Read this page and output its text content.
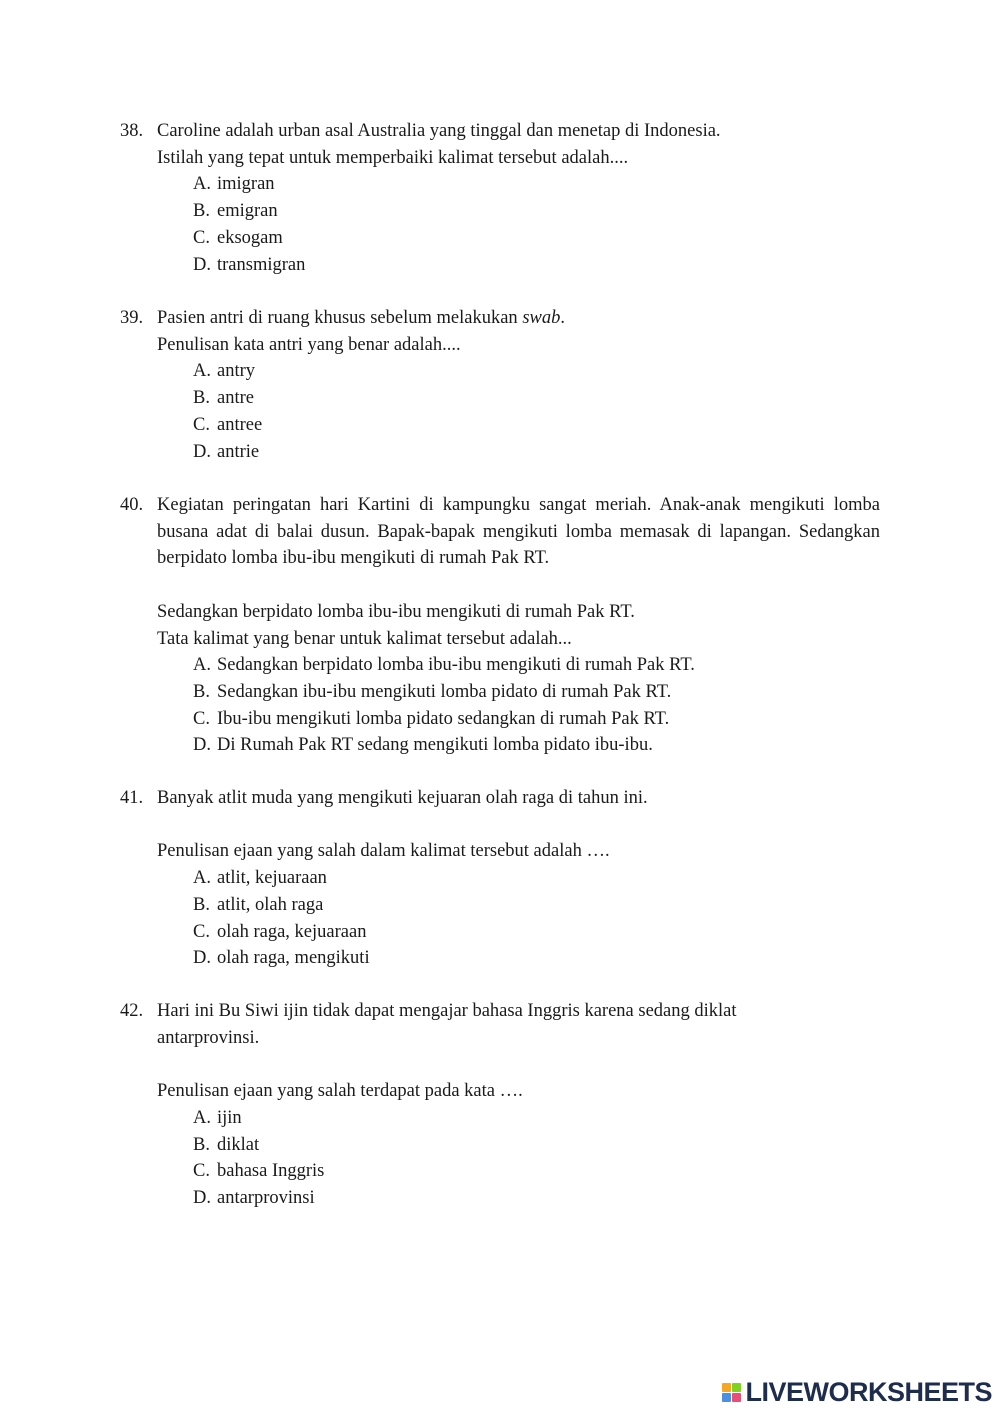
38. Caroline adalah urban asal Australia yang tinggal dan menetap di Indonesia.
Istilah yang tepat untuk memperbaiki kalimat tersebut adalah....
A. imigran
B. emigran
C. eksogam
D. transmigran
39. Pasien antri di ruang khusus sebelum melakukan swab.
Penulisan kata antri yang benar adalah....
A. antry
B. antre
C. antree
D. antrie
40. Kegiatan peringatan hari Kartini di kampungku sangat meriah. Anak-anak mengikuti lomba busana adat di balai dusun. Bapak-bapak mengikuti lomba memasak di lapangan. Sedangkan berpidato lomba ibu-ibu mengikuti di rumah Pak RT.
Sedangkan berpidato lomba ibu-ibu mengikuti di rumah Pak RT.
Tata kalimat yang benar untuk kalimat tersebut adalah...
A. Sedangkan berpidato lomba ibu-ibu mengikuti di rumah Pak RT.
B. Sedangkan ibu-ibu mengikuti lomba pidato di rumah Pak RT.
C. Ibu-ibu mengikuti lomba pidato sedangkan di rumah Pak RT.
D. Di Rumah Pak RT sedang mengikuti lomba pidato ibu-ibu.
41. Banyak atlit muda yang mengikuti kejuaran olah raga di tahun ini.
Penulisan ejaan yang salah dalam kalimat tersebut adalah ….
A. atlit, kejuaraan
B. atlit, olah raga
C. olah raga, kejuaraan
D. olah raga, mengikuti
42. Hari ini Bu Siwi ijin tidak dapat mengajar bahasa Inggris karena sedang diklat
antarprovinsi.
Penulisan ejaan yang salah terdapat pada kata ….
A. ijin
B. diklat
C. bahasa Inggris
D. antarprovinsi
LIVEWORKSHEETS
